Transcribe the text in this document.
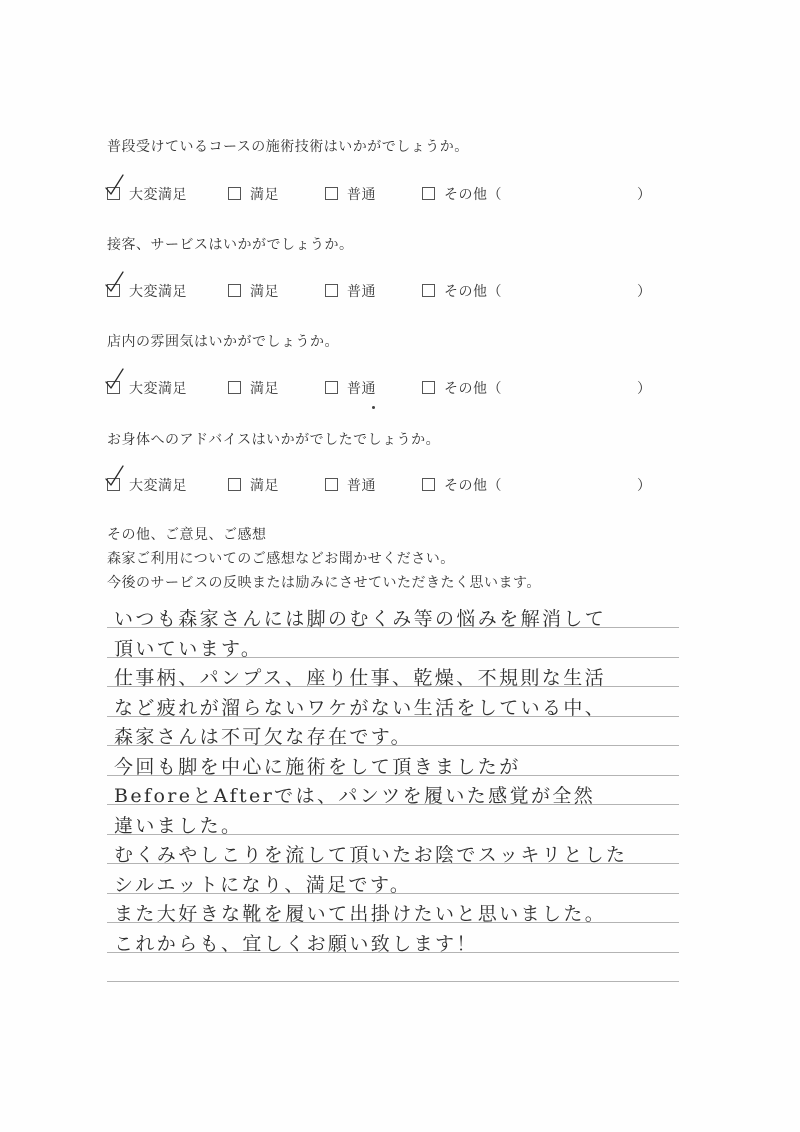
普段受けているコースの施術技術はいかがでしょうか。
大変満足	満足	普通	その他（	）
接客、サービスはいかがでしょうか。
大変満足	満足	普通	その他（	）
店内の雰囲気はいかがでしょうか。
大変満足	満足	普通	その他（	）
お身体へのアドバイスはいかがでしたでしょうか。
大変満足	満足	普通	その他（	）
その他、ご意見、ご感想
森家ご利用についてのご感想などお聞かせください。
今後のサービスの反映または励みにさせていただきたく思います。
いつも森家さんには脚のむくみ等の悩みを解消して
頂いています。
仕事柄、パンプス、座り仕事、乾燥、不規則な生活
など疲れが溜らないワケがない生活をしている中、
森家さんは不可欠な存在です。
今回も脚を中心に施術をして頂きましたが
BeforeとAfterでは、パンツを履いた感覚が全然
違いました。
むくみやしこりを流して頂いたお陰でスッキリとした
シルエットになり、満足です。
また大好きな靴を履いて出掛けたいと思いました。
これからも、宜しくお願い致します！
